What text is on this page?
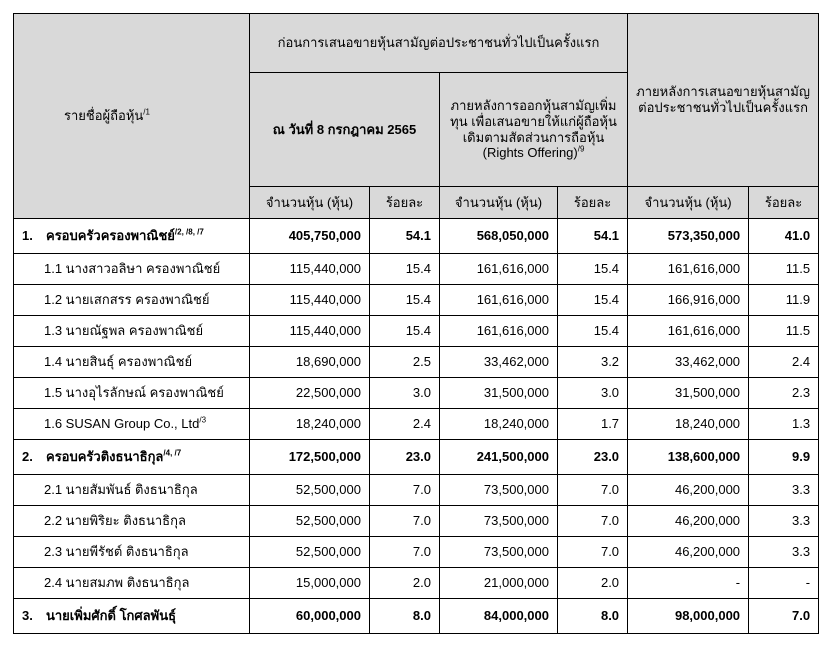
รายชื่อผู้ถือหุ้น$^{/1}$	ก่อนการเสนอขายหุ้นสามัญต่อประชาชนทั่วไปเป็นครั้งแรก				ภายหลังการเสนอขายหุ้นสามัญต่อประชาชนทั่วไปเป็นครั้งแรก	
	ณ วันที่ 8 กรกฎาคม 2565		ภายหลังการออกหุ้นสามัญเพิ่มทุน เพื่อเสนอขายให้แก่ผู้ถือหุ้นเดิมตามสัดส่วนการถือหุ้น (Rights Offering)$^{/9}$
	จำนวนหุ้น (หุ้น)	ร้อยละ	จำนวนหุ้น (หุ้น)	ร้อยละ	จำนวนหุ้น (หุ้น)	ร้อยละ
1. ครอบครัวครองพาณิชย์$^{/2, /8, /7}$	405,750,000	54.1	568,050,000	54.1	573,350,000	41.0
1.1 นางสาวอลิษา ครองพาณิชย์	115,440,000	15.4	161,616,000	15.4	161,616,000	11.5
1.2 นายเสกสรร ครองพาณิชย์	115,440,000	15.4	161,616,000	15.4	166,916,000	11.9
1.3 นายณัฐพล ครองพาณิชย์	115,440,000	15.4	161,616,000	15.4	161,616,000	11.5
1.4 นายสินธุ์ ครองพาณิชย์	18,690,000	2.5	33,462,000	3.2	33,462,000	2.4
1.5 นางอุไรลักษณ์ ครองพาณิชย์	22,500,000	3.0	31,500,000	3.0	31,500,000	2.3
1.6 SUSAN Group Co., Ltd$^{/3}$	18,240,000	2.4	18,240,000	1.7	18,240,000	1.3
2. ครอบครัวติงธนาธิกุล$^{/4, /7}$	172,500,000	23.0	241,500,000	23.0	138,600,000	9.9
2.1 นายสัมพันธ์ ติงธนาธิกุล	52,500,000	7.0	73,500,000	7.0	46,200,000	3.3
2.2 นายพิริยะ ติงธนาธิกุล	52,500,000	7.0	73,500,000	7.0	46,200,000	3.3
2.3 นายพีรัชต์ ติงธนาธิกุล	52,500,000	7.0	73,500,000	7.0	46,200,000	3.3
2.4 นายสมภพ ติงธนาธิกุล	15,000,000	2.0	21,000,000	2.0	-	-
3. นายเพิ่มศักดิ์ โกศลพันธุ์	60,000,000	8.0	84,000,000	8.0	98,000,000	7.0
